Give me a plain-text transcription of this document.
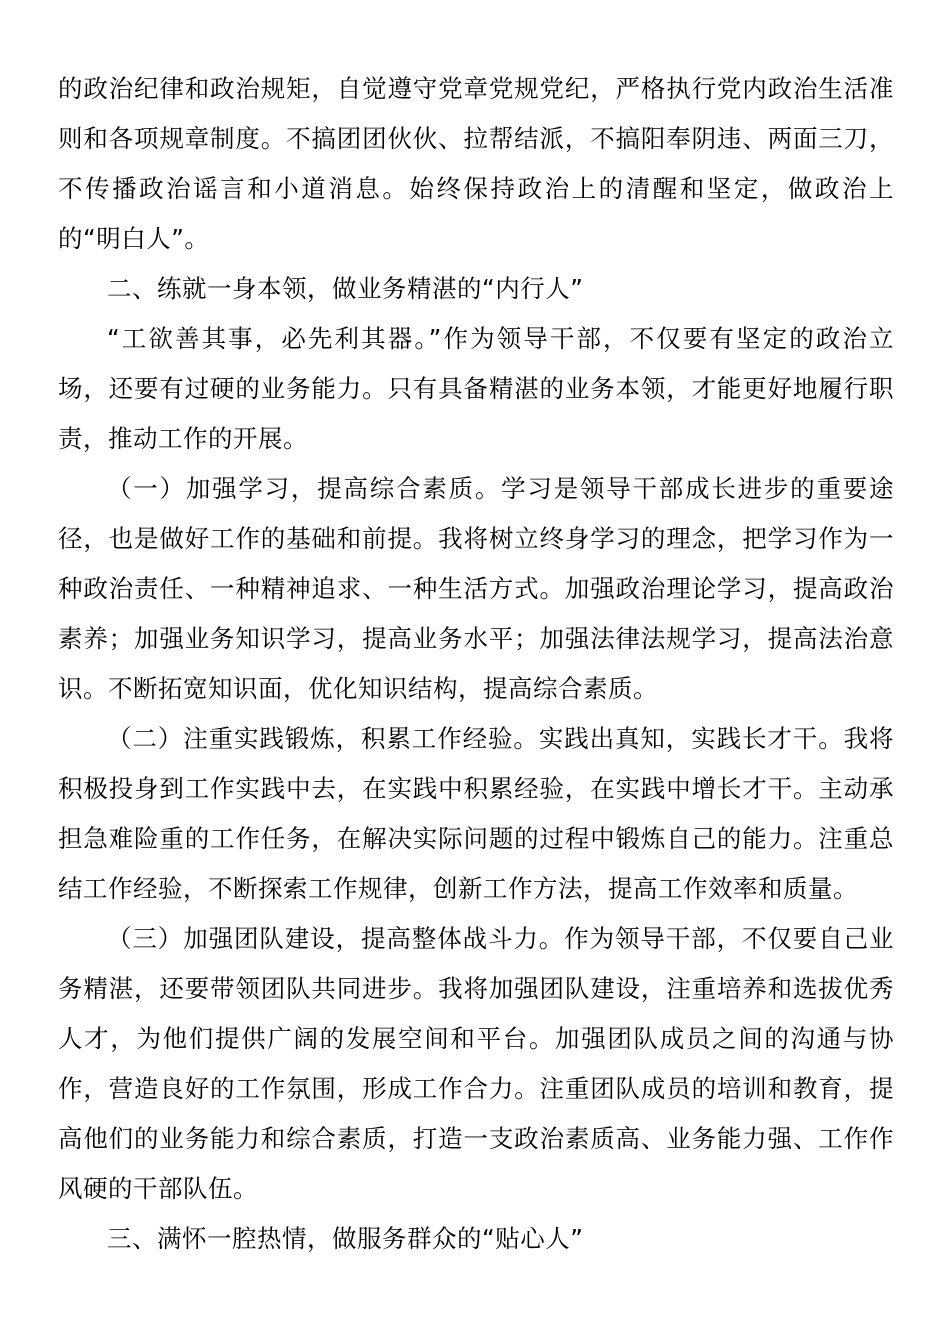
的政治纪律和政治规矩，自觉遵守党章党规党纪，严格执行党内政治生活准则和各项规章制度。不搞团团伙伙、拉帮结派，不搞阳奉阴违、两面三刀，不传播政治谣言和小道消息。始终保持政治上的清醒和坚定，做政治上的“明白人”。

二、练就一身本领，做业务精湛的“内行人”

“工欲善其事，必先利其器。”作为领导干部，不仅要有坚定的政治立场，还要有过硬的业务能力。只有具备精湛的业务本领，才能更好地履行职责，推动工作的开展。

（一）加强学习，提高综合素质。学习是领导干部成长进步的重要途径，也是做好工作的基础和前提。我将树立终身学习的理念，把学习作为一种政治责任、一种精神追求、一种生活方式。加强政治理论学习，提高政治素养；加强业务知识学习，提高业务水平；加强法律法规学习，提高法治意识。不断拓宽知识面，优化知识结构，提高综合素质。

（二）注重实践锻炼，积累工作经验。实践出真知，实践长才干。我将积极投身到工作实践中去，在实践中积累经验，在实践中增长才干。主动承担急难险重的工作任务，在解决实际问题的过程中锻炼自己的能力。注重总结工作经验，不断探索工作规律，创新工作方法，提高工作效率和质量。

（三）加强团队建设，提高整体战斗力。作为领导干部，不仅要自己业务精湛，还要带领团队共同进步。我将加强团队建设，注重培养和选拔优秀人才，为他们提供广阔的发展空间和平台。加强团队成员之间的沟通与协作，营造良好的工作氛围，形成工作合力。注重团队成员的培训和教育，提高他们的业务能力和综合素质，打造一支政治素质高、业务能力强、工作作风硬的干部队伍。

三、满怀一腔热情，做服务群众的“贴心人”
